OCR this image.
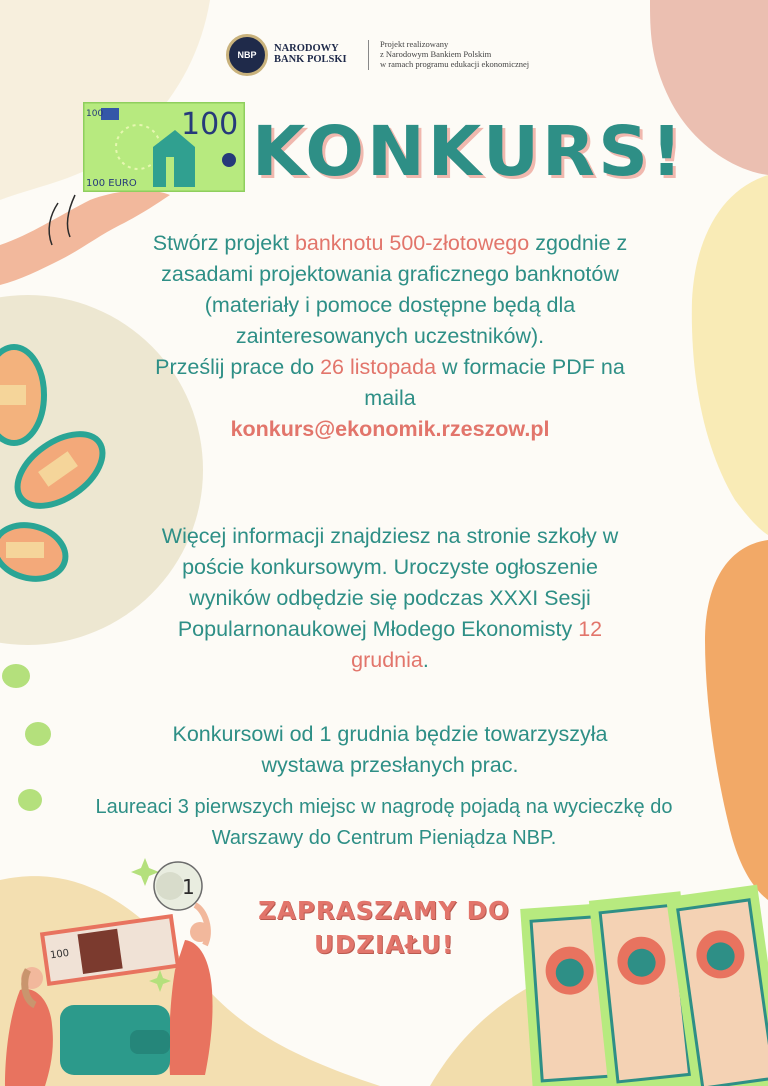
NBP
NARODOWY
BANK POLSKI
Projekt realizowany
z Narodowym Bankiem Polskim
w ramach programu edukacji ekonomicznej
100
100
100 EURO KONKURS!
Stwórz projekt banknotu 500-złotowego zgodnie z zasadami projektowania graficznego banknotów (materiały i pomoce dostępne będą dla zainteresowanych uczestników).
Prześlij prace do 26 listopada w formacie PDF na maila
konkurs@ekonomik.rzeszow.pl
Więcej informacji znajdziesz na stronie szkoły w poście konkursowym. Uroczyste ogłoszenie wyników odbędzie się podczas XXXI Sesji Popularnonaukowej Młodego Ekonomisty 12 grudnia.
Konkursowi od 1 grudnia będzie towarzyszyła wystawa przesłanych prac.
Laureaci 3 pierwszych miejsc w nagrodę pojadą na wycieczkę do Warszawy do Centrum Pieniądza NBP.
ZAPRASZAMY DO
UDZIAŁU!
1
100
